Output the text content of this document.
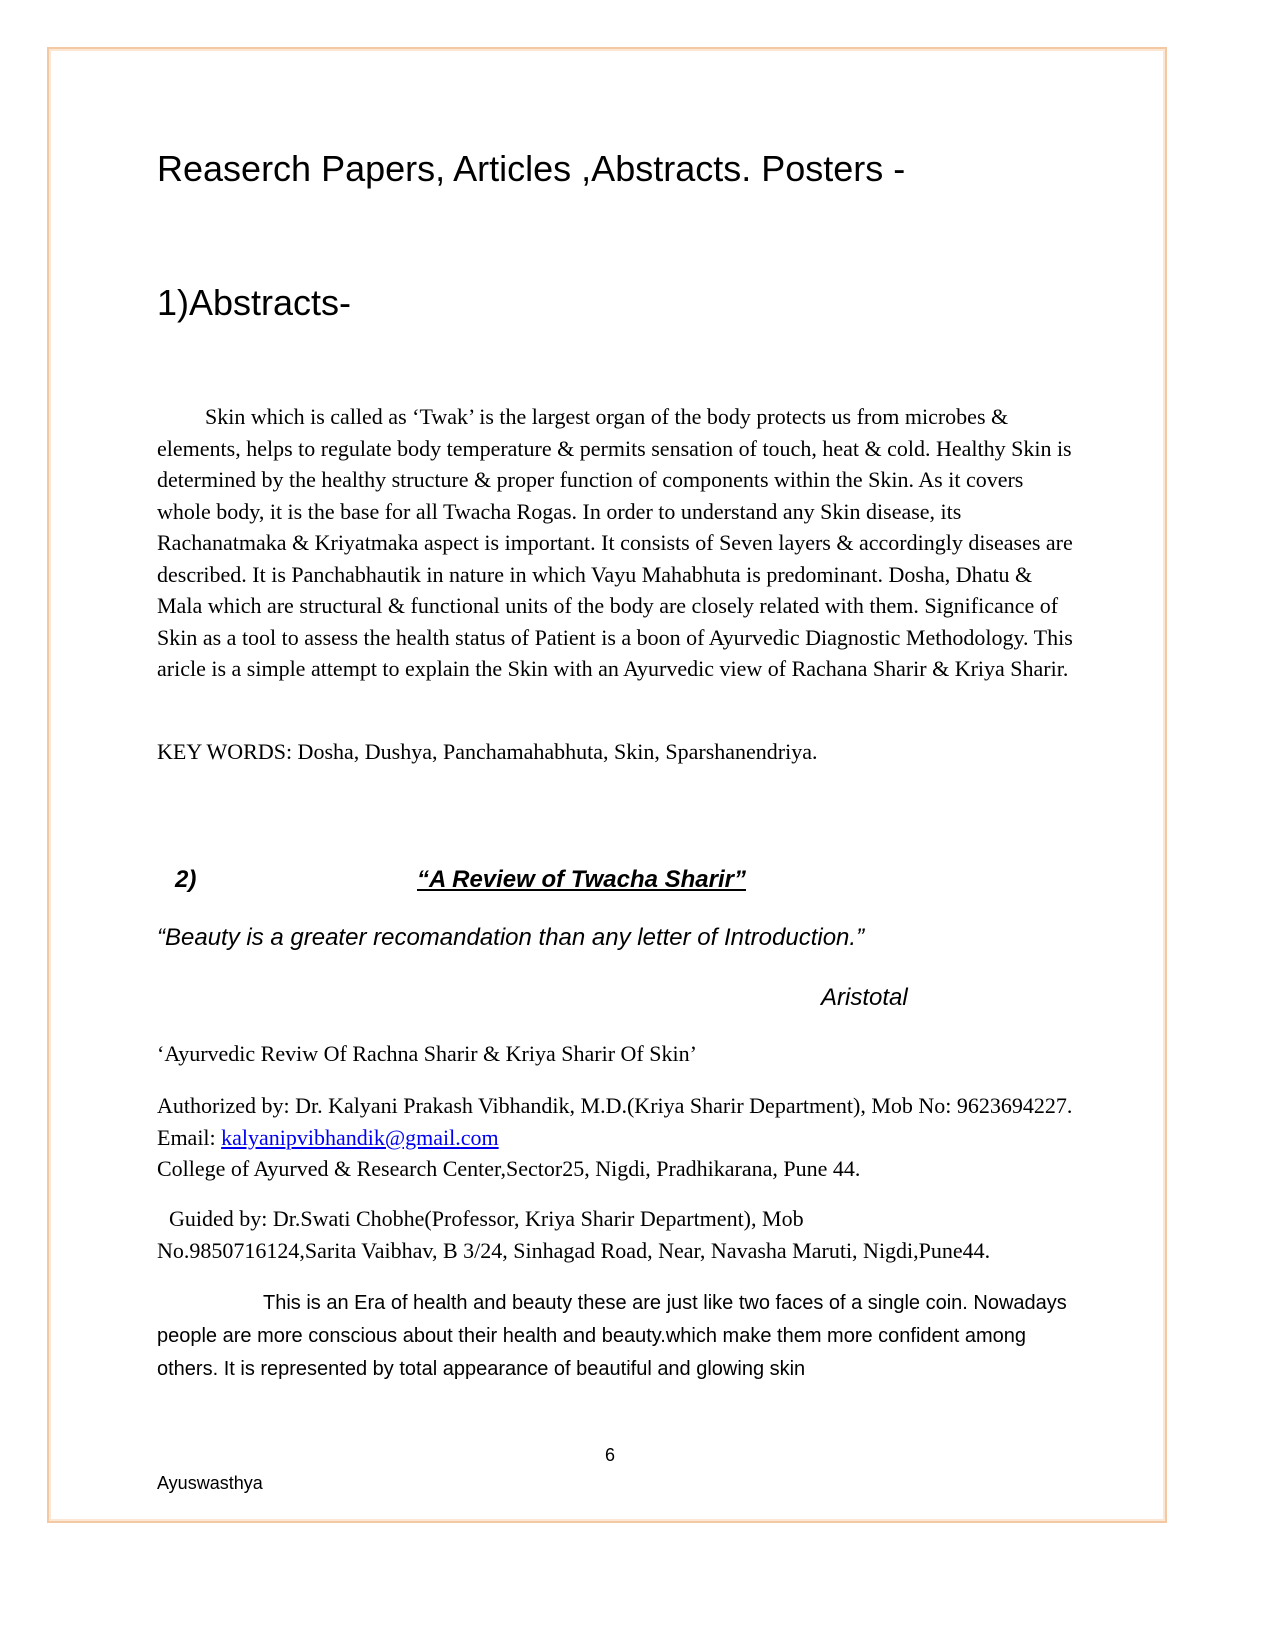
Reaserch Papers, Articles ,Abstracts. Posters -
1)Abstracts-

Skin which is called as ‘Twak’ is the largest organ of the body protects us from microbes & elements, helps to regulate body temperature & permits sensation of touch, heat & cold. Healthy Skin is determined by the healthy structure & proper function of components within the Skin. As it covers whole body, it is the base for all Twacha Rogas. In order to understand any Skin disease, its Rachanatmaka & Kriyatmaka aspect is important. It consists of Seven layers & accordingly diseases are described. It is Panchabhautik in nature in which Vayu Mahabhuta is predominant. Dosha, Dhatu & Mala which are structural & functional units of the body are closely related with them. Significance of Skin as a tool to assess the health status of Patient is a boon of Ayurvedic Diagnostic Methodology. This aricle is a simple attempt to explain the Skin with an Ayurvedic view of Rachana Sharir & Kriya Sharir.

KEY WORDS: Dosha, Dushya, Panchamahabhuta, Skin, Sparshanendriya.

2)	“A Review of Twacha Sharir”
“Beauty is a greater recomandation than any letter of Introduction.”
Aristotal
‘Ayurvedic Reviw Of Rachna Sharir & Kriya Sharir Of Skin’
Authorized by: Dr. Kalyani Prakash Vibhandik, M.D.(Kriya Sharir Department), Mob No: 9623694227. Email: kalyanipvibhandik@gmail.com
College of Ayurved & Research Center,Sector25, Nigdi, Pradhikarana, Pune 44.
Guided by: Dr.Swati Chobhe(Professor, Kriya Sharir Department), Mob
No.9850716124,Sarita Vaibhav, B 3/24, Sinhagad Road, Near, Navasha Maruti, Nigdi,Pune44.

This is an Era of health and beauty these are just like two faces of a single coin. Nowadays people are more conscious about their health and beauty.which make them more confident among others. It is represented by total appearance of beautiful and glowing skin

6
Ayuswasthya
